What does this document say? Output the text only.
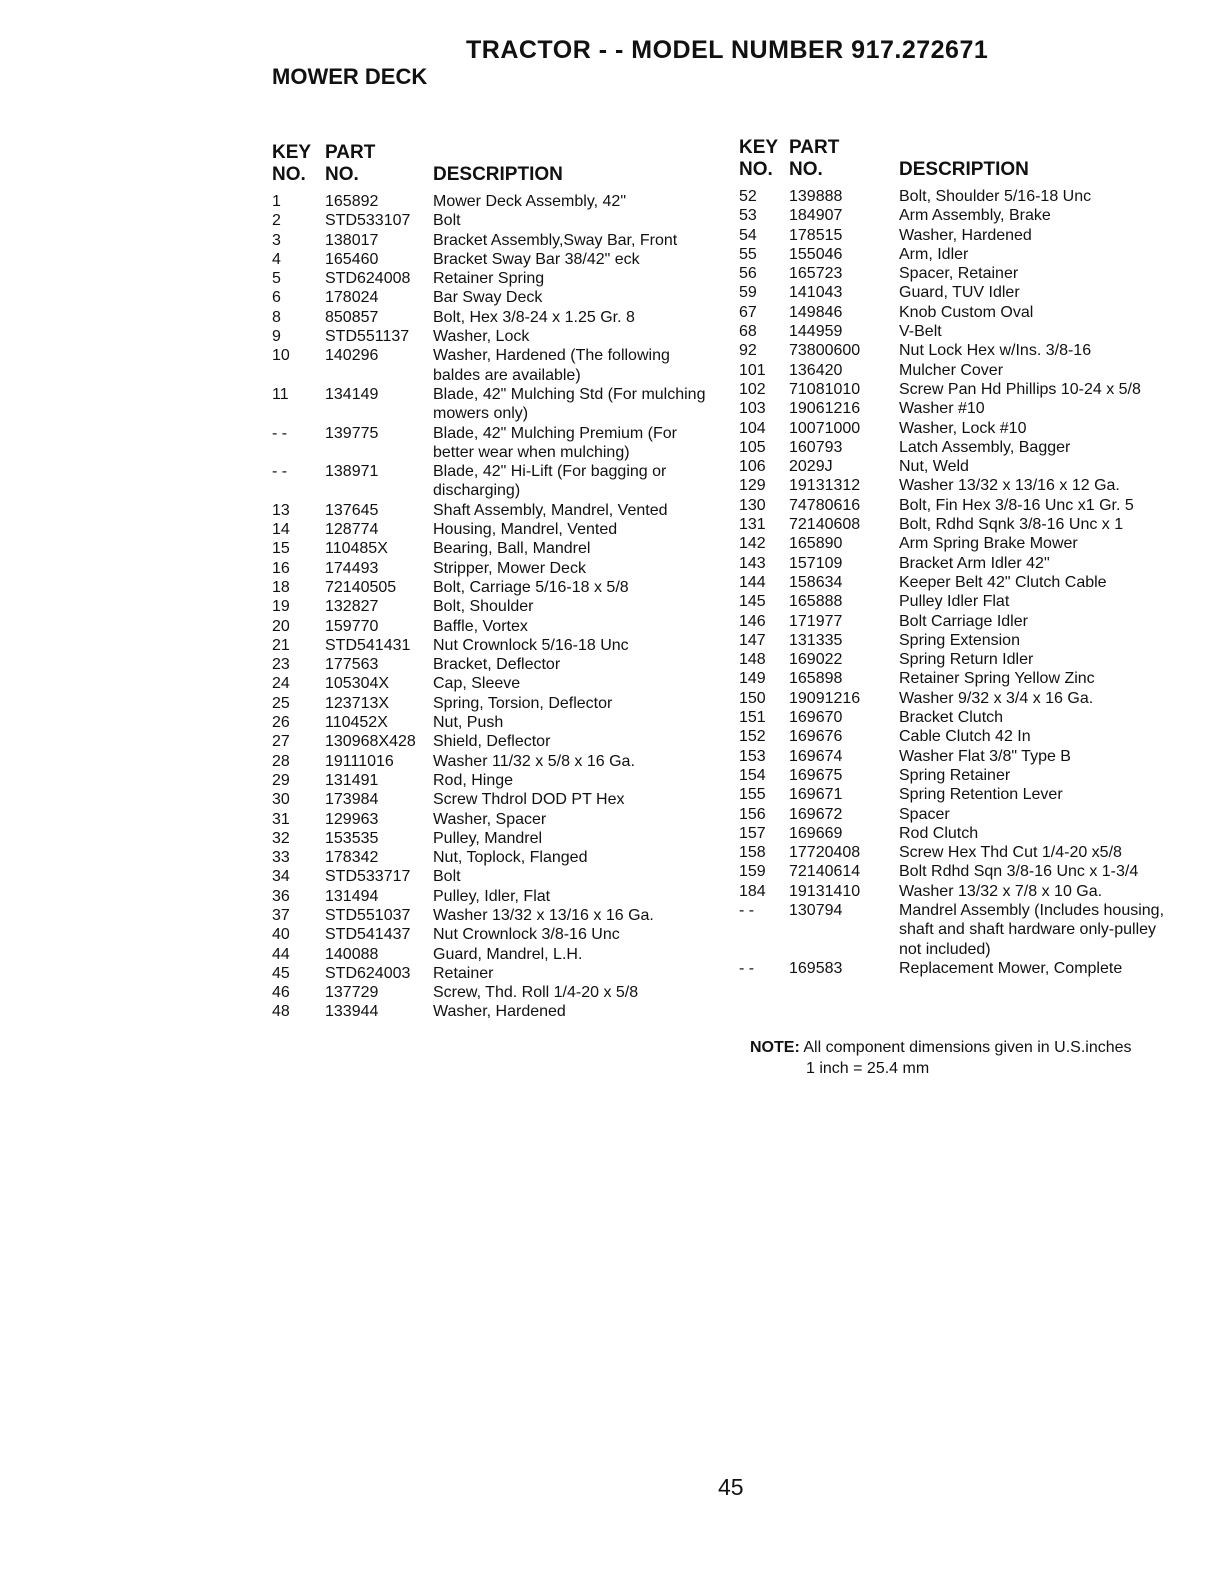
TRACTOR - - MODEL NUMBER 917.272671
MOWER DECK
KEY	PART	
NO.	NO.	DESCRIPTION
1	165892	Mower Deck Assembly, 42"
2	STD533107	Bolt
3	138017	Bracket Assembly,Sway Bar, Front
4	165460	Bracket Sway Bar 38/42" eck
5	STD624008	Retainer Spring
6	178024	Bar Sway Deck
8	850857	Bolt, Hex 3/8-24 x 1.25 Gr. 8
9	STD551137	Washer, Lock
10	140296	Washer, Hardened (The following baldes are available)
11	134149	Blade, 42" Mulching Std (For mulching mowers only)
- -	139775	Blade, 42" Mulching Premium (For better wear when mulching)
- -	138971	Blade, 42" Hi-Lift (For bagging or discharging)
13	137645	Shaft Assembly, Mandrel, Vented
14	128774	Housing, Mandrel, Vented
15	110485X	Bearing, Ball, Mandrel
16	174493	Stripper, Mower Deck
18	72140505	Bolt, Carriage 5/16-18 x 5/8
19	132827	Bolt, Shoulder
20	159770	Baffle, Vortex
21	STD541431	Nut Crownlock 5/16-18 Unc
23	177563	Bracket, Deflector
24	105304X	Cap, Sleeve
25	123713X	Spring, Torsion, Deflector
26	110452X	Nut, Push
27	130968X428	Shield, Deflector
28	19111016	Washer 11/32 x 5/8 x 16 Ga.
29	131491	Rod, Hinge
30	173984	Screw Thdrol DOD PT Hex
31	129963	Washer, Spacer
32	153535	Pulley, Mandrel
33	178342	Nut, Toplock, Flanged
34	STD533717	Bolt
36	131494	Pulley, Idler, Flat
37	STD551037	Washer 13/32 x 13/16 x 16 Ga.
40	STD541437	Nut Crownlock 3/8-16 Unc
44	140088	Guard, Mandrel, L.H.
45	STD624003	Retainer
46	137729	Screw, Thd. Roll 1/4-20 x 5/8
48	133944	Washer, Hardened
KEY	PART	
NO.	NO.	DESCRIPTION
52	139888	Bolt, Shoulder 5/16-18 Unc
53	184907	Arm Assembly, Brake
54	178515	Washer, Hardened
55	155046	Arm, Idler
56	165723	Spacer, Retainer
59	141043	Guard, TUV Idler
67	149846	Knob Custom Oval
68	144959	V-Belt
92	73800600	Nut Lock Hex w/Ins. 3/8-16
101	136420	Mulcher Cover
102	71081010	Screw Pan Hd Phillips 10-24 x 5/8
103	19061216	Washer #10
104	10071000	Washer, Lock #10
105	160793	Latch Assembly, Bagger
106	2029J	Nut, Weld
129	19131312	Washer 13/32 x 13/16 x 12 Ga.
130	74780616	Bolt, Fin Hex 3/8-16 Unc x1 Gr. 5
131	72140608	Bolt, Rdhd Sqnk 3/8-16 Unc x 1
142	165890	Arm Spring Brake Mower
143	157109	Bracket Arm Idler 42"
144	158634	Keeper Belt 42" Clutch Cable
145	165888	Pulley Idler Flat
146	171977	Bolt Carriage Idler
147	131335	Spring Extension
148	169022	Spring Return Idler
149	165898	Retainer Spring Yellow Zinc
150	19091216	Washer 9/32 x 3/4 x 16 Ga.
151	169670	Bracket Clutch
152	169676	Cable Clutch 42 In
153	169674	Washer Flat 3/8" Type B
154	169675	Spring Retainer
155	169671	Spring Retention Lever
156	169672	Spacer
157	169669	Rod Clutch
158	17720408	Screw Hex Thd Cut 1/4-20 x5/8
159	72140614	Bolt Rdhd Sqn 3/8-16 Unc x 1-3/4
184	19131410	Washer 13/32 x 7/8 x 10 Ga.
- -	130794	Mandrel Assembly (Includes housing, shaft and shaft hardware only-pulley not included)
- -	169583	Replacement Mower, Complete
NOTE: All component dimensions given in U.S.inches
1 inch = 25.4 mm
45
